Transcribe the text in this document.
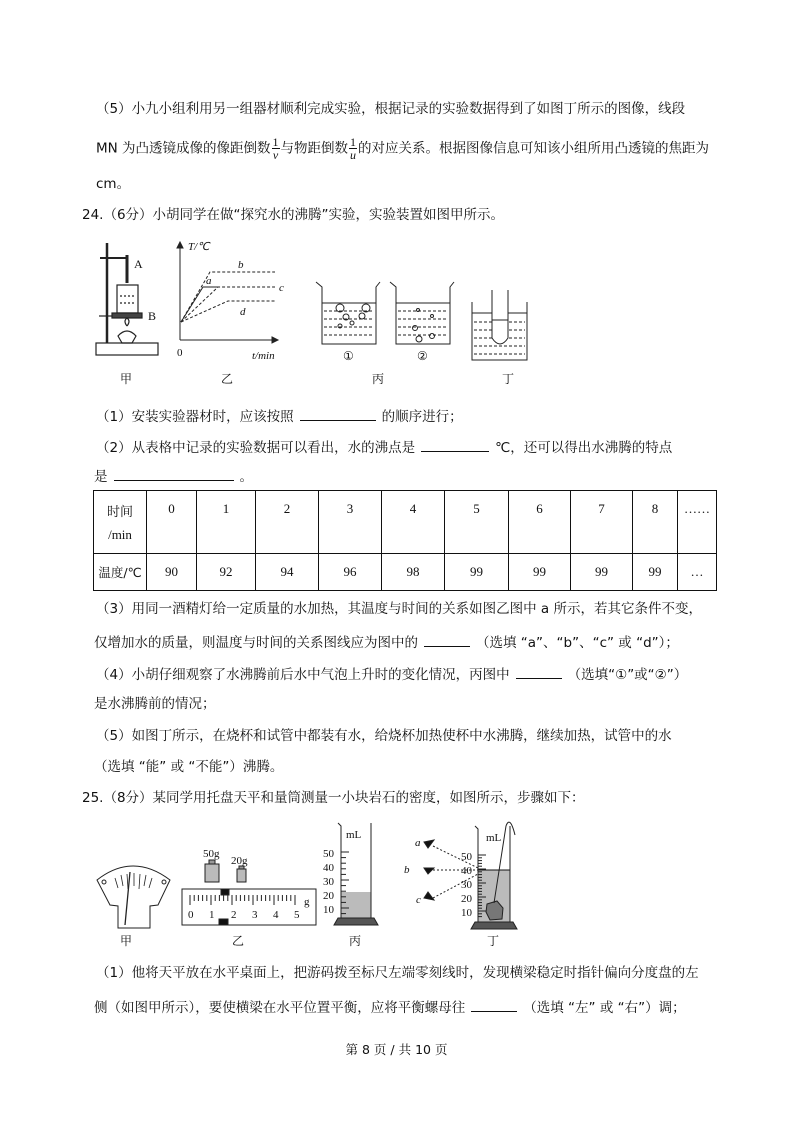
（5）小九小组利用另一组器材顺利完成实验，根据记录的实验数据得到了如图丁所示的图像，线段
MN 为凸透镜成像的像距倒数 $\frac{1}{v}$ 与物距倒数 $\frac{1}{u}$ 的对应关系。根据图像信息可知该小组所用凸透镜的焦距为
cm。
24.（6分）小胡同学在做“探究水的沸腾”实验，实验装置如图甲所示。
A
B
甲
T/℃
t/min
0
a
b
c
d
乙
①	②
丙	丁
甲
50g
20g
g
0 1 2 3 4 5
乙
mL
50
40
30
20
10
丙
a
b
c
mL
50
40
30
20
10
丁
（1）安装实验器材时，应该按照	的顺序进行；
（2）从表格中记录的实验数据可以看出，水的沸点是	℃，还可以得出水沸腾的特点
是	。
时间
/min	0	1	2	3	4	5	6	7	8	……
温度/℃	90	92	94	96	98	99	99	99	99	…
（3）用同一酒精灯给一定质量的水加热，其温度与时间的关系如图乙图中 a 所示，若其它条件不变，
仅增加水的质量，则温度与时间的关系图线应为图中的	（选填 “a”、“b”、“c” 或 “d”）；
（4）小胡仔细观察了水沸腾前后水中气泡上升时的变化情况，丙图中	（选填“①”或“②”）
是水沸腾前的情况；
（5）如图丁所示，在烧杯和试管中都装有水，给烧杯加热使杯中水沸腾，继续加热，试管中的水
（选填 “能” 或 “不能”）沸腾。
25.（8分）某同学用托盘天平和量筒测量一小块岩石的密度，如图所示，步骤如下：
（1）他将天平放在水平桌面上，把游码拨至标尺左端零刻线时，发现横梁稳定时指针偏向分度盘的左
侧（如图甲所示），要使横梁在水平位置平衡，应将平衡螺母往	（选填 “左” 或 “右”）调；
第 8 页 / 共 10 页
